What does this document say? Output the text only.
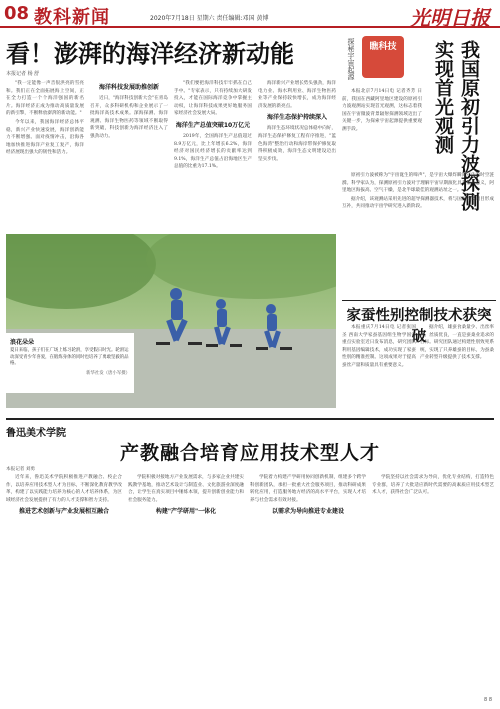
08 教科新闻	2020年7月18日 星期六 责任编辑:邓国 黄博	光明日报
看！澎湃的海洋经济新动能
本报记者 杨 舒

"我一定能像一声音很洪亮的雪亮和。我们正在全面拓展海上空间，正在全力打造一个个海洋强国的新名片。海洋经济正成为推动高质量发展的新引擎，不断释放澎湃的新动能。"

今年以来，我国海洋经济总体平稳，新兴产业快速发展，海洋创新能力不断增强。面对疫情冲击，沿海各地加快推进海洋产业复工复产，海洋经济展现出强大的韧性和活力。

海洋科技发展助推创新

近日，"海洋科技创新大会"在青岛召开，众多科研机构和企业展示了一批海洋高技术成果。深海探测、海洋观测、海洋生物医药等领域不断取得新突破，科技创新为海洋经济注入了强劲动力。

"我们要把海洋科技牢牢抓在自己手中。"专家表示，只有持续加大研发投入，才能在国际海洋竞争中掌握主动权，让海洋科技成果更好地服务国家经济社会发展大局。

海洋生产总值突破10万亿元

2019年，全国海洋生产总值超过8.9万亿元，比上年增长6.2%，海洋经济对国民经济增长的贡献率达到9.1%，海洋生产总值占沿海地区生产总值的比重为17.1%。

海洋新兴产业增长势头强劲，海洋电力业、海水利用业、海洋生物医药业等产业保持较快增长，成为海洋经济发展的新亮点。

海洋生态保护持续深入

海洋生态环境状况总体稳中向好，海洋生态保护修复工程有序推进，"蓝色海湾"整治行动和海岸带保护修复取得积极成效，海洋生态文明建设迈出坚实步伐。

浪花朵朵
夏日来临，孩子们在广场上练习轮滑，享受假日时光。轮滑运动深受青少年喜爱，在锻炼身体的同时也培养了勇敢坚毅的品格。
新华社发（唐小军摄）
探秘宇宙起源	瞧科技	我国原初引力波探测
实现首光观测

本报北京7月14日电 记者齐芳 日前，我国在西藏阿里地区建设的原初引力波观测站实现首光观测，这标志着我国在宇宙微波背景辐射探测领域迈出了关键一步，为探索宇宙起源提供重要观测手段。

原初引力波被称为"宇宙诞生的啼声"，是宇宙大爆炸瞬间产生的时空涟漪。科学家认为，探测原初引力波对于理解宇宙早期演化具有重大意义，阿里地区海拔高、空气干燥，是北半球最佳的观测站址之一。

据介绍，该观测站采用先进的超导探测器技术，将与国际同类项目形成互补，共同推动宇宙学研究进入新阶段。

家蚕性别控制技术获突破

本报重庆7月14日电 记者张国圣 西南大学家蚕基因组生物学国家重点实验室近日发布消息，研究团队利用基因编辑技术，成功实现了家蚕性别的精准控制。这项成果对于提高蚕丝产量和质量具有重要意义。

据介绍，雄蚕食桑量少、出丝率高、丝质优良，一直是蚕桑业追求的目标。研究团队通过构建性别致死系统，实现了只养雄蚕的目标，为蚕桑产业转型升级提供了技术支撑。

鲁迅美术学院
产教融合培育应用技术型人才
本报记者 刘勇

近年来，鲁迅美术学院积极推进产教融合、校企合作，以培养应用技术型人才为目标，不断深化教育教学改革，构建了以实践能力培养为核心的人才培养体系，为区域经济社会发展提供了有力的人才支撑和智力支持。

推进艺术创新与产业发展相互融合

学院积极对接地方产业发展需求，与多家企业共建实践教学基地，推动艺术设计与制造业、文化旅游业深度融合，让学生在真实项目中锤炼本领，提升创新创业能力和社会服务能力。

构建"产学研用"一体化

学院着力构建产学研用协同创新机制，组建多个跨学科创新团队，承担一批重大社会服务项目，推动科研成果转化应用，打造服务地方经济的高水平平台，实现人才培养与社会需求有效对接。

以需求为导向推进专业建设

学院坚持以社会需求为导向，优化专业结构，打造特色专业群，培养了大批适应新时代需要的高素质应用技术型艺术人才，获得社会广泛认可。

8 8
